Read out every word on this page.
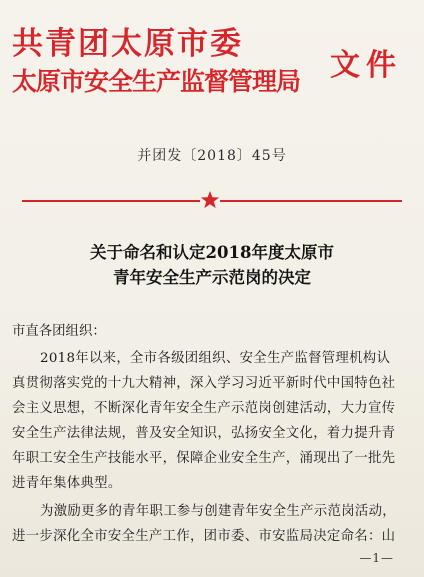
共青团太原市委
太原市安全生产监督管理局 文件
并团发〔2018〕45号
关于命名和认定2018年度太原市
青年安全生产示范岗的决定
市直各团组织：
2018年以来，全市各级团组织、安全生产监督管理机构认
真贯彻落实党的十九大精神，深入学习习近平新时代中国特色社
会主义思想，不断深化青年安全生产示范岗创建活动，大力宣传
安全生产法律法规，普及安全知识，弘扬安全文化，着力提升青
年职工安全生产技能水平，保障企业安全生产，涌现出了一批先
进青年集体典型。
为激励更多的青年职工参与创建青年安全生产示范岗活动，
进一步深化全市安全生产工作，团市委、市安监局决定命名：山
—1—
